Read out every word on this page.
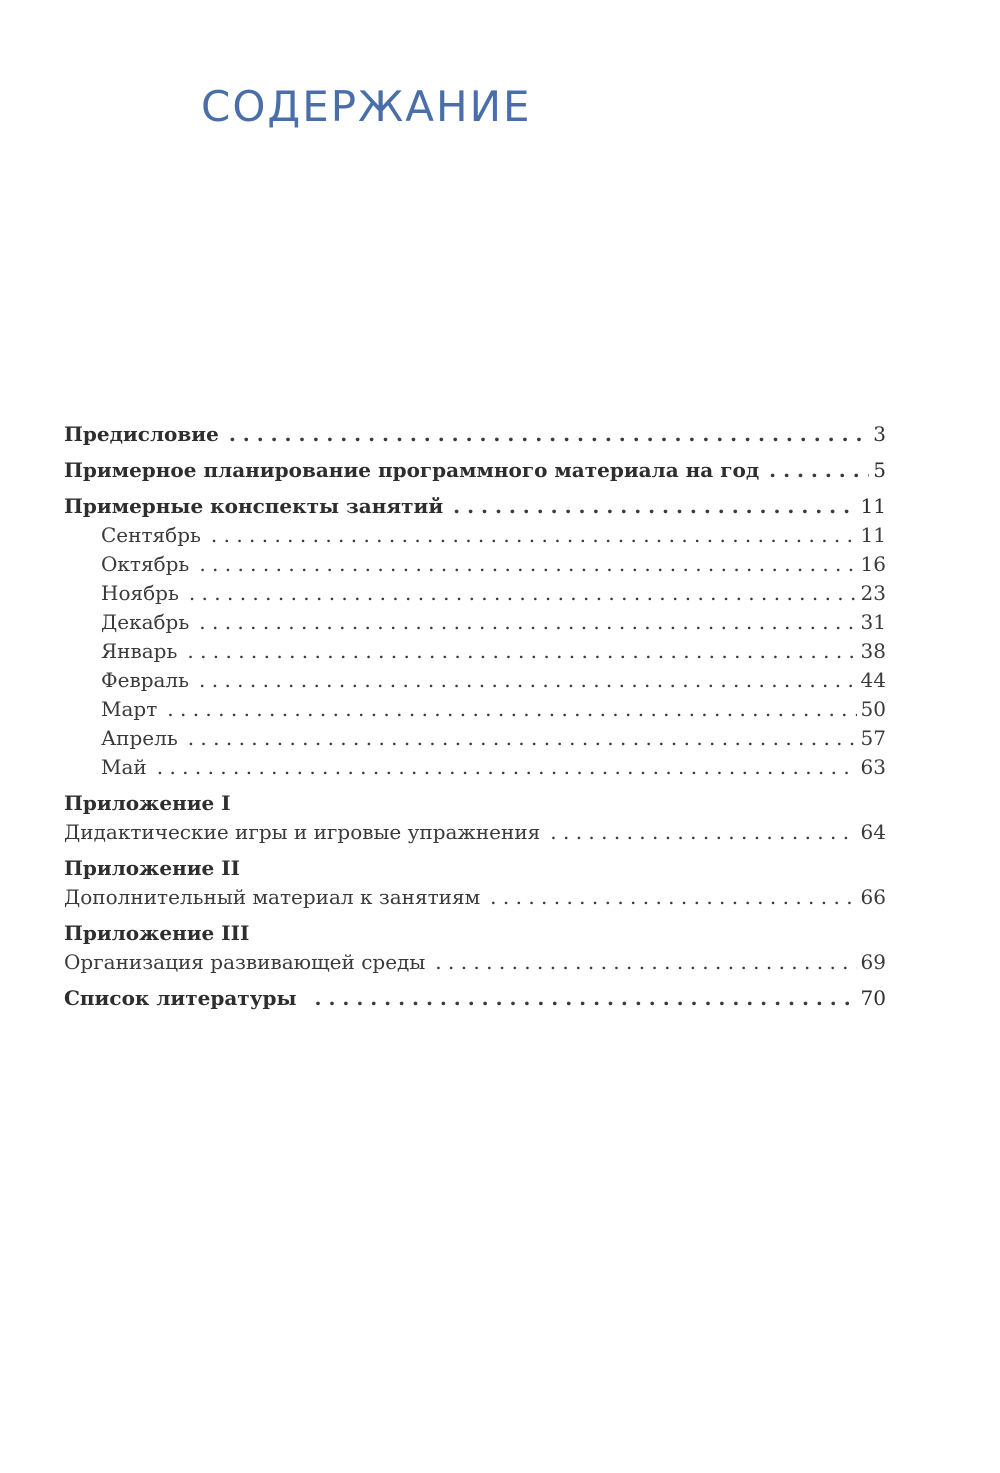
СОДЕРЖАНИЕ
Предисловие . . .	3
Примерное планирование программного материала на год . . .	5
Примерные конспекты занятий . . .	11
Сентябрь . . .	11
Октябрь . . .	16
Ноябрь . . .	23
Декабрь . . .	31
Январь . . .	38
Февраль . . .	44
Март . . .	50
Апрель . . .	57
Май . . .	63
Приложение I
Дидактические игры и игровые упражнения . . .	64
Приложение II
Дополнительный материал к занятиям . . .	66
Приложение III
Организация развивающей среды . . .	69
Список литературы . . .	70
